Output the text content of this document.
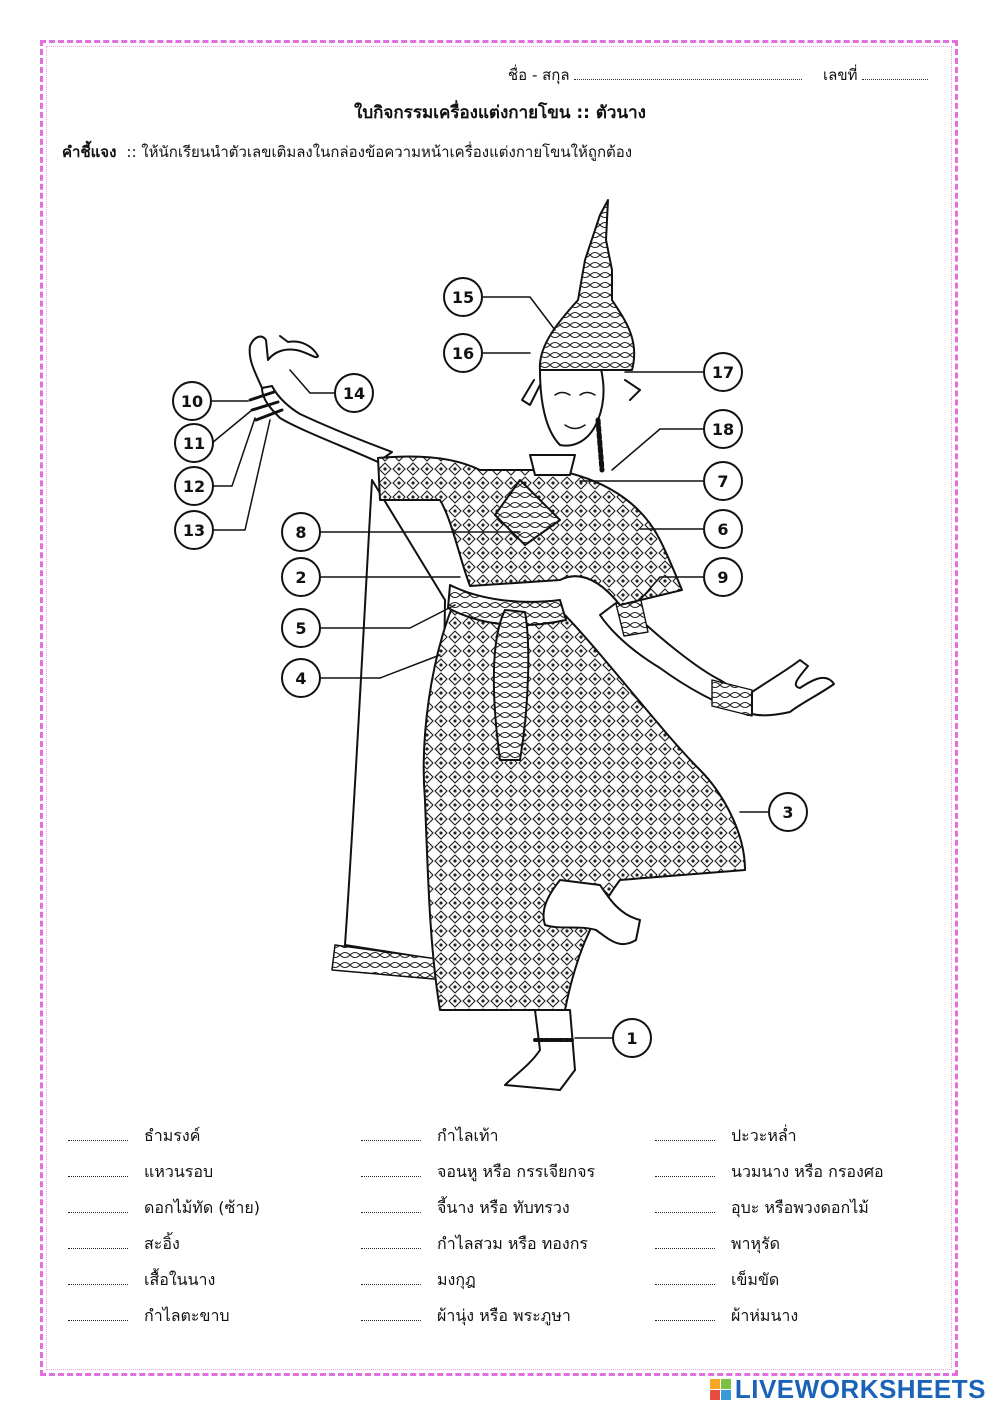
ชื่อ - สกุล	เลขที่
ใบกิจกรรมเครื่องแต่งกายโขน :: ตัวนาง
คำชี้แจง :: ให้นักเรียนนำตัวเลขเติมลงในกล่องข้อความหน้าเครื่องแต่งกายโขนให้ถูกต้อง
15
16
17
18
7
6
9
3
1
10
11
12
13
14
8
2
5
4
ธำมรงค์
แหวนรอบ
ดอกไม้ทัด (ซ้าย)
สะอิ้ง
เสื้อในนาง
กำไลตะขาบ
กำไลเท้า
จอนหู หรือ กรรเจียกจร
จี้นาง หรือ ทับทรวง
กำไลสวม หรือ ทองกร
มงกุฎ
ผ้านุ่ง หรือ พระภูษา
ปะวะหล่ำ
นวมนาง หรือ กรองศอ
อุบะ หรือพวงดอกไม้
พาหุรัด
เข็มขัด
ผ้าห่มนาง
LIVEWORKSHEETS
